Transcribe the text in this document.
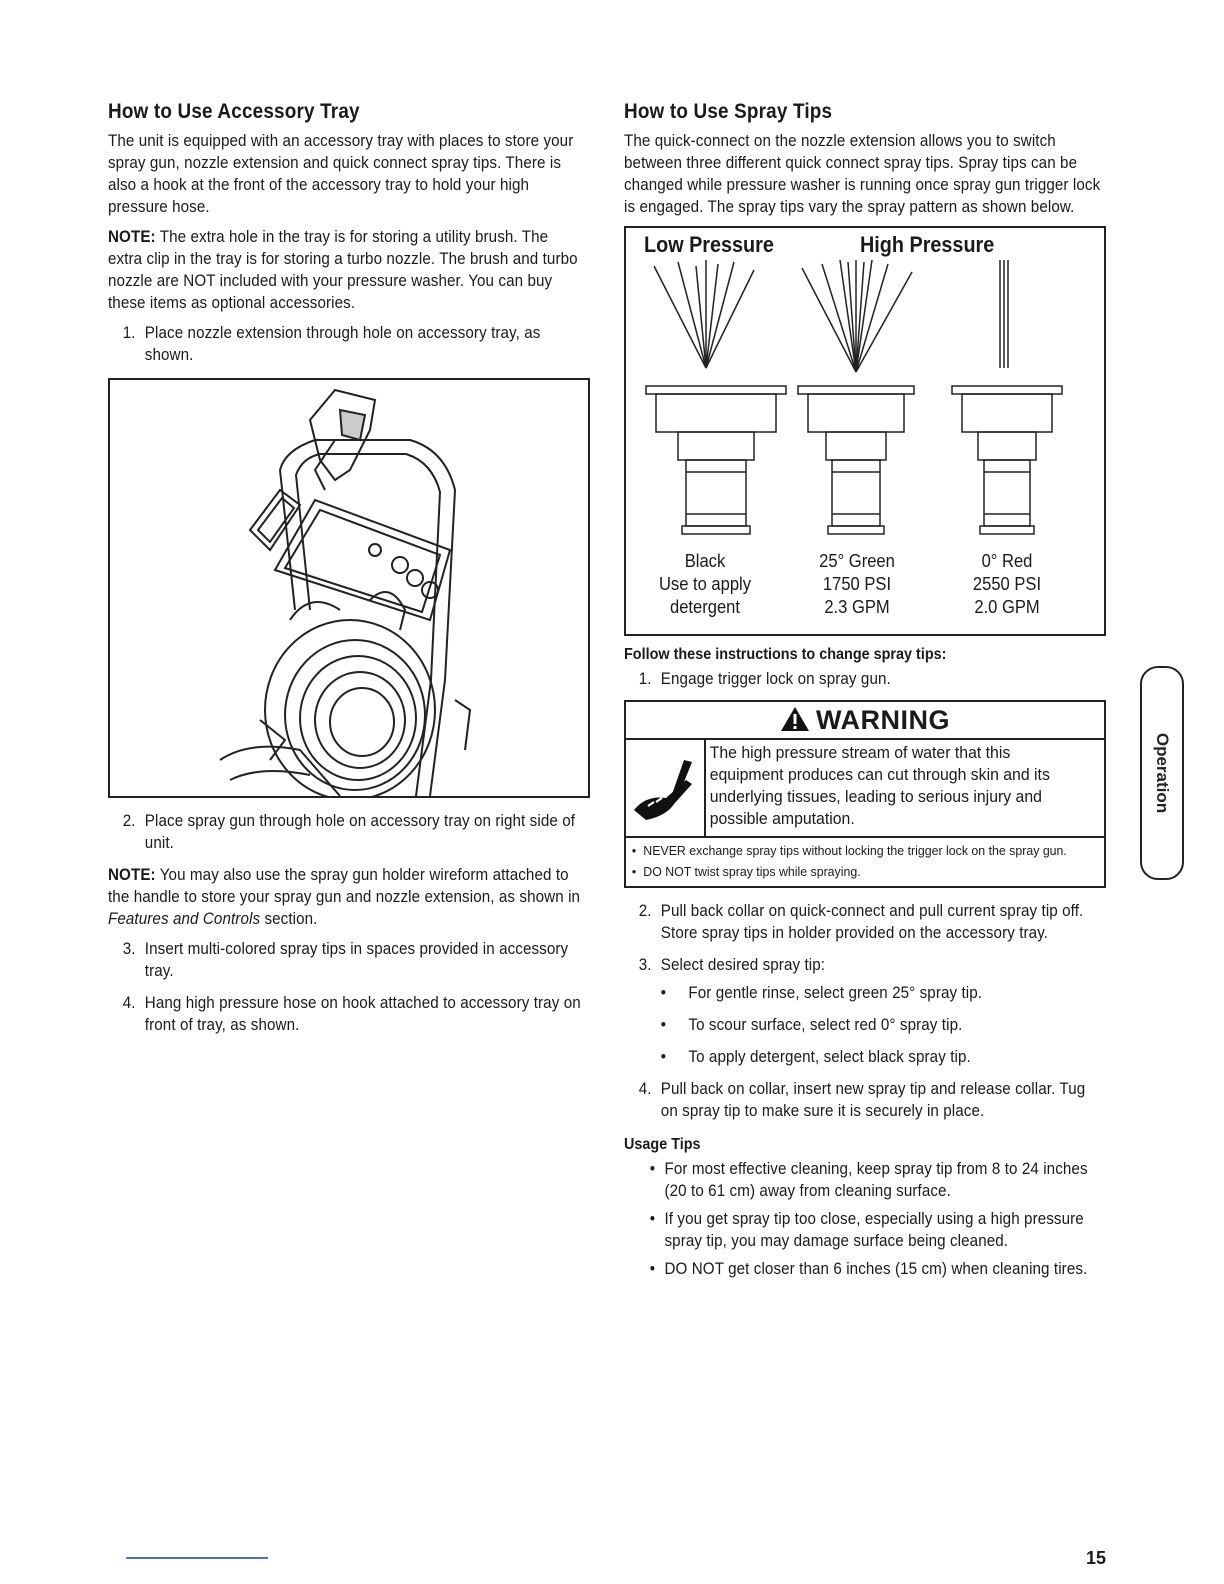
How to Use Accessory Tray

The unit is equipped with an accessory tray with places to store your spray gun, nozzle extension and quick connect spray tips. There is also a hook at the front of the accessory tray to hold your high pressure hose.

NOTE: The extra hole in the tray is for storing a utility brush. The extra clip in the tray is for storing a turbo nozzle. The brush and turbo nozzle are NOT included with your pressure washer. You can buy these items as optional accessories.

1. Place nozzle extension through hole on accessory tray, as shown.
2. Place spray gun through hole on accessory tray on right side of unit.

NOTE: You may also use the spray gun holder wireform attached to the handle to store your spray gun and nozzle extension, as shown in Features and Controls section.

3. Insert multi-colored spray tips in spaces provided in accessory tray.
4. Hang high pressure hose on hook attached to accessory tray on front of tray, as shown.
How to Use Spray Tips

The quick-connect on the nozzle extension allows you to switch between three different quick connect spray tips. Spray tips can be changed while pressure washer is running once spray gun trigger lock is engaged. The spray tips vary the spray pattern as shown below.

Low Pressure	High Pressure
Black
Use to apply
detergent
25° Green
1750 PSI
2.3 GPM
0° Red
2550 PSI
2.0 GPM
Follow these instructions to change spray tips:
1. Engage trigger lock on spray gun.
WARNING
The high pressure stream of water that this equipment produces can cut through skin and its underlying tissues, leading to serious injury and possible amputation.
• NEVER exchange spray tips without locking the trigger lock on the spray gun.
• DO NOT twist spray tips while spraying.
2. Pull back collar on quick-connect and pull current spray tip off. Store spray tips in holder provided on the accessory tray.
3. Select desired spray tip:
• For gentle rinse, select green 25° spray tip.
• To scour surface, select red 0° spray tip.
• To apply detergent, select black spray tip.
4. Pull back on collar, insert new spray tip and release collar. Tug on spray tip to make sure it is securely in place.
Usage Tips
• For most effective cleaning, keep spray tip from 8 to 24 inches (20 to 61 cm) away from cleaning surface.
• If you get spray tip too close, especially using a high pressure spray tip, you may damage surface being cleaned.
• DO NOT get closer than 6 inches (15 cm) when cleaning tires.
Operation
15
